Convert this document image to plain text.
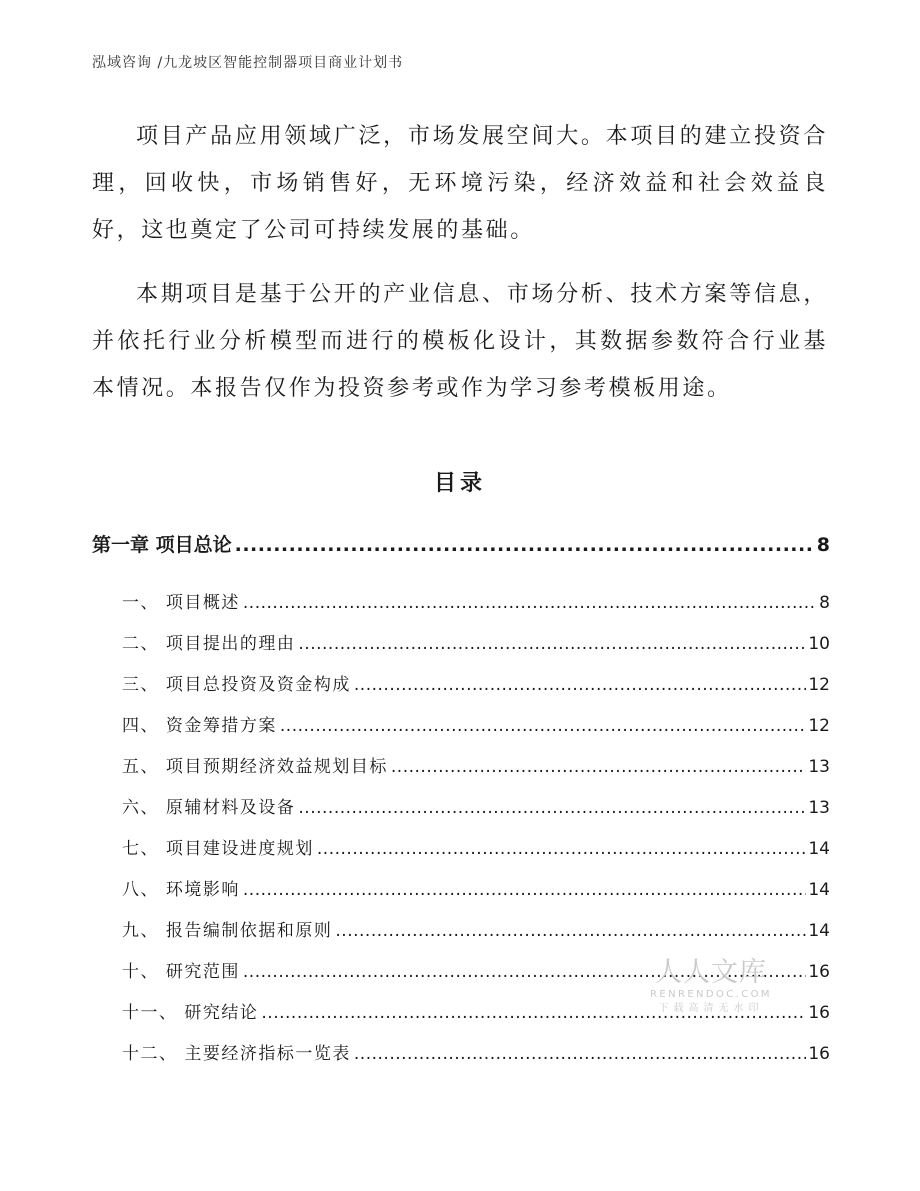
泓域咨询 /九龙坡区智能控制器项目商业计划书
项目产品应用领域广泛，市场发展空间大。本项目的建立投资合理，回收快，市场销售好，无环境污染，经济效益和社会效益良好，这也奠定了公司可持续发展的基础。
本期项目是基于公开的产业信息、市场分析、技术方案等信息，并依托行业分析模型而进行的模板化设计，其数据参数符合行业基本情况。本报告仅作为投资参考或作为学习参考模板用途。
目录
第一章 项目总论 .....	8
一、 项目概述 .....	8
二、 项目提出的理由 .....	10
三、 项目总投资及资金构成 .....	12
四、 资金筹措方案 .....	12
五、 项目预期经济效益规划目标 .....	13
六、 原辅材料及设备 .....	13
七、 项目建设进度规划 .....	14
八、 环境影响 .....	14
九、 报告编制依据和原则 .....	14
十、 研究范围 .....	16
十一、 研究结论 .....	16
十二、 主要经济指标一览表 .....	16
人人文库
RENRENDOC.COM
下载高清无水印
